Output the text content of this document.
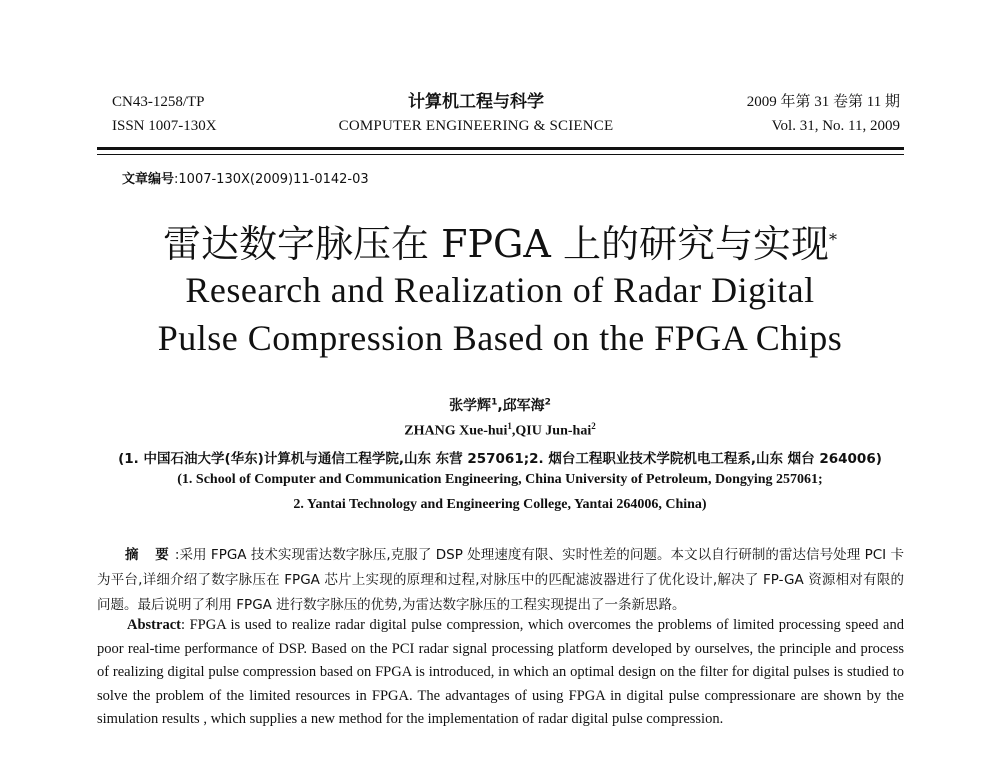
CN43-1258/TP
ISSN 1007-130X
计算机工程与科学
COMPUTER ENGINEERING & SCIENCE
2009 年第 31 卷第 11 期
Vol. 31, No. 11, 2009
文章编号:1007-130X(2009)11-0142-03
雷达数字脉压在 FPGA 上的研究与实现*
Research and Realization of Radar Digital
Pulse Compression Based on the FPGA Chips
张学辉$^1$,邱军海$^2$
ZHANG Xue-hui$^1$,QIU Jun-hai$^2$
(1. 中国石油大学(华东)计算机与通信工程学院,山东 东营 257061;2. 烟台工程职业技术学院机电工程系,山东 烟台 264006)
(1. School of Computer and Communication Engineering, China University of Petroleum, Dongying 257061;
2. Yantai Technology and Engineering College, Yantai 264006, China)
摘 要:采用 FPGA 技术实现雷达数字脉压,克服了 DSP 处理速度有限、实时性差的问题。本文以自行研制的雷达信号处理 PCI 卡为平台,详细介绍了数字脉压在 FPGA 芯片上实现的原理和过程,对脉压中的匹配滤波器进行了优化设计,解决了 FP-GA 资源相对有限的问题。最后说明了利用 FPGA 进行数字脉压的优势,为雷达数字脉压的工程实现提出了一条新思路。
Abstract: FPGA is used to realize radar digital pulse compression, which overcomes the problems of limited processing speed and poor real-time performance of DSP. Based on the PCI radar signal processing platform developed by ourselves, the principle and process of realizing digital pulse compression based on FPGA is introduced, in which an optimal design on the filter for digital pulses is studied to solve the problem of the limited resources in FPGA. The advantages of using FPGA in digital pulse compressionare are shown by the simulation results , which supplies a new method for the implementation of radar digital pulse compression.
